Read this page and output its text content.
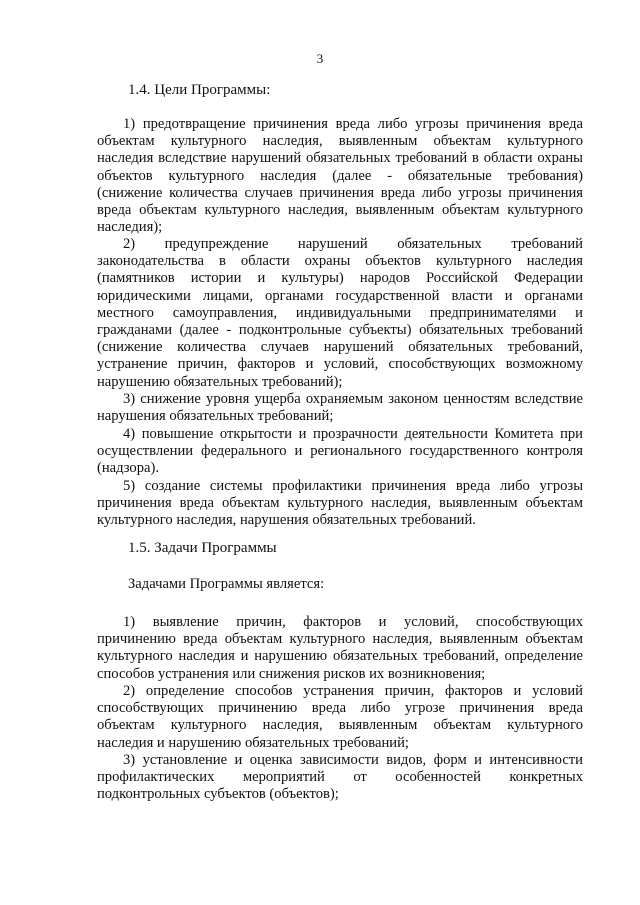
3
1.4. Цели Программы:
1) предотвращение причинения вреда либо угрозы причинения вреда
объектам культурного наследия, выявленным объектам культурного
наследия вследствие нарушений обязательных требований в области охраны
объектов культурного наследия (далее - обязательные требования)
(снижение количества случаев причинения вреда либо угрозы причинения
вреда объектам культурного наследия, выявленным объектам культурного
наследия);
2) предупреждение нарушений обязательных требований
законодательства в области охраны объектов культурного наследия
(памятников истории и культуры) народов Российской Федерации
юридическими лицами, органами государственной власти и органами
местного самоуправления, индивидуальными предпринимателями и
гражданами (далее - подконтрольные субъекты) обязательных требований
(снижение количества случаев нарушений обязательных требований,
устранение причин, факторов и условий, способствующих возможному
нарушению обязательных требований);
3) снижение уровня ущерба охраняемым законом ценностям вследствие
нарушения обязательных требований;
4) повышение открытости и прозрачности деятельности Комитета при
осуществлении федерального и регионального государственного контроля
(надзора).
5) создание системы профилактики причинения вреда либо угрозы
причинения вреда объектам культурного наследия, выявленным объектам
культурного наследия, нарушения обязательных требований.
1.5. Задачи Программы
Задачами Программы является:
1) выявление причин, факторов и условий, способствующих
причинению вреда объектам культурного наследия, выявленным объектам
культурного наследия и нарушению обязательных требований, определение
способов устранения или снижения рисков их возникновения;
2) определение способов устранения причин, факторов и условий
способствующих причинению вреда либо угрозе причинения вреда
объектам культурного наследия, выявленным объектам культурного
наследия и нарушению обязательных требований;
3) установление и оценка зависимости видов, форм и интенсивности
профилактических мероприятий от особенностей конкретных
подконтрольных субъектов (объектов);
